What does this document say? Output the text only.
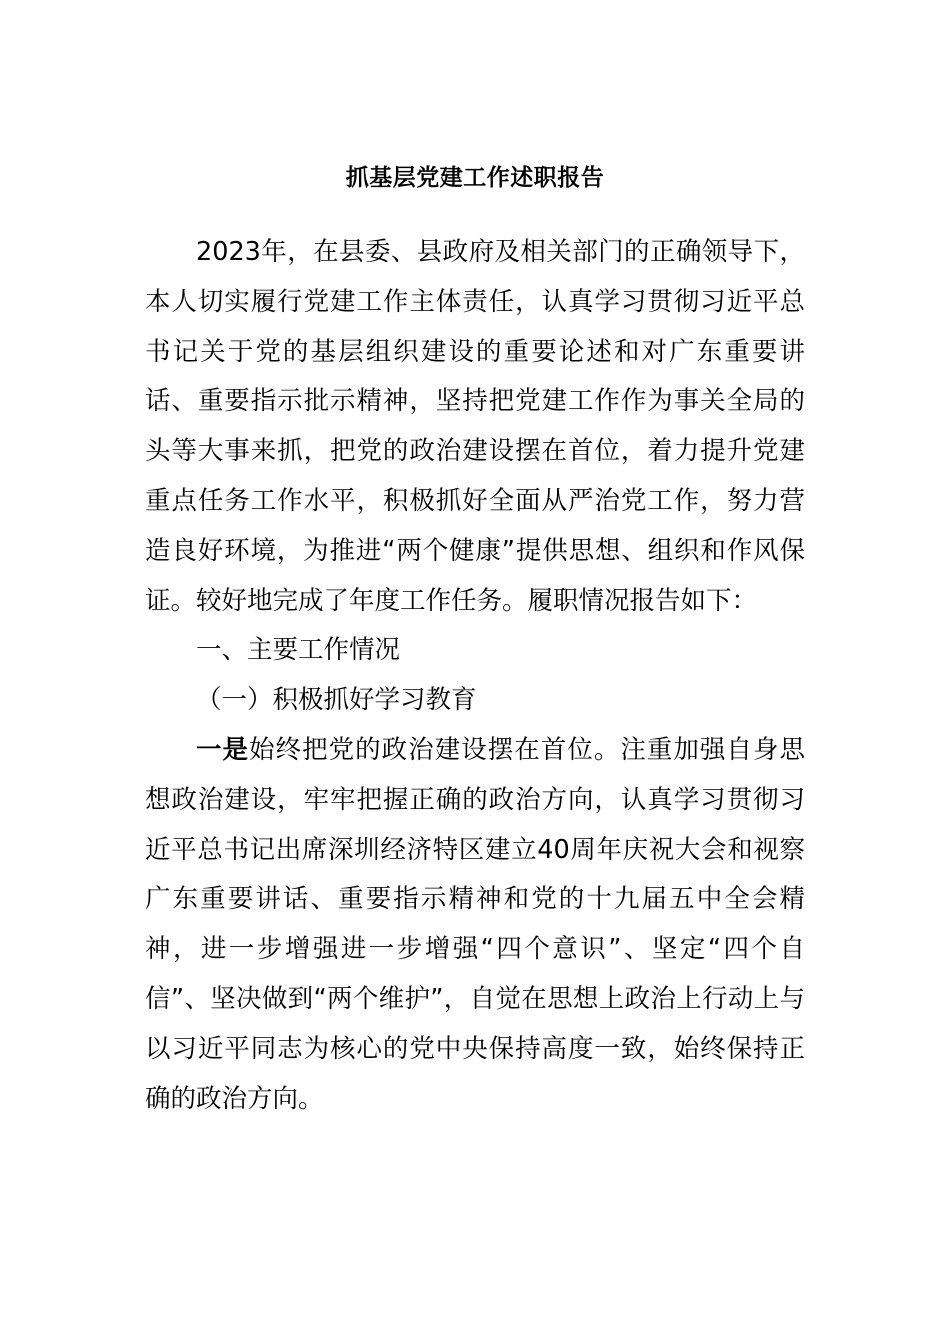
抓基层党建工作述职报告

2023年，在县委、县政府及相关部门的正确领导下，本人切实履行党建工作主体责任，认真学习贯彻习近平总书记关于党的基层组织建设的重要论述和对广东重要讲话、重要指示批示精神，坚持把党建工作作为事关全局的头等大事来抓，把党的政治建设摆在首位，着力提升党建重点任务工作水平，积极抓好全面从严治党工作，努力营造良好环境，为推进“两个健康”提供思想、组织和作风保证。较好地完成了年度工作任务。履职情况报告如下：

一、主要工作情况

（一）积极抓好学习教育

一是始终把党的政治建设摆在首位。注重加强自身思想政治建设，牢牢把握正确的政治方向，认真学习贯彻习近平总书记出席深圳经济特区建立40周年庆祝大会和视察广东重要讲话、重要指示精神和党的十九届五中全会精神，进一步增强进一步增强“四个意识”、坚定“四个自信”、坚决做到“两个维护”，自觉在思想上政治上行动上与以习近平同志为核心的党中央保持高度一致，始终保持正确的政治方向。
